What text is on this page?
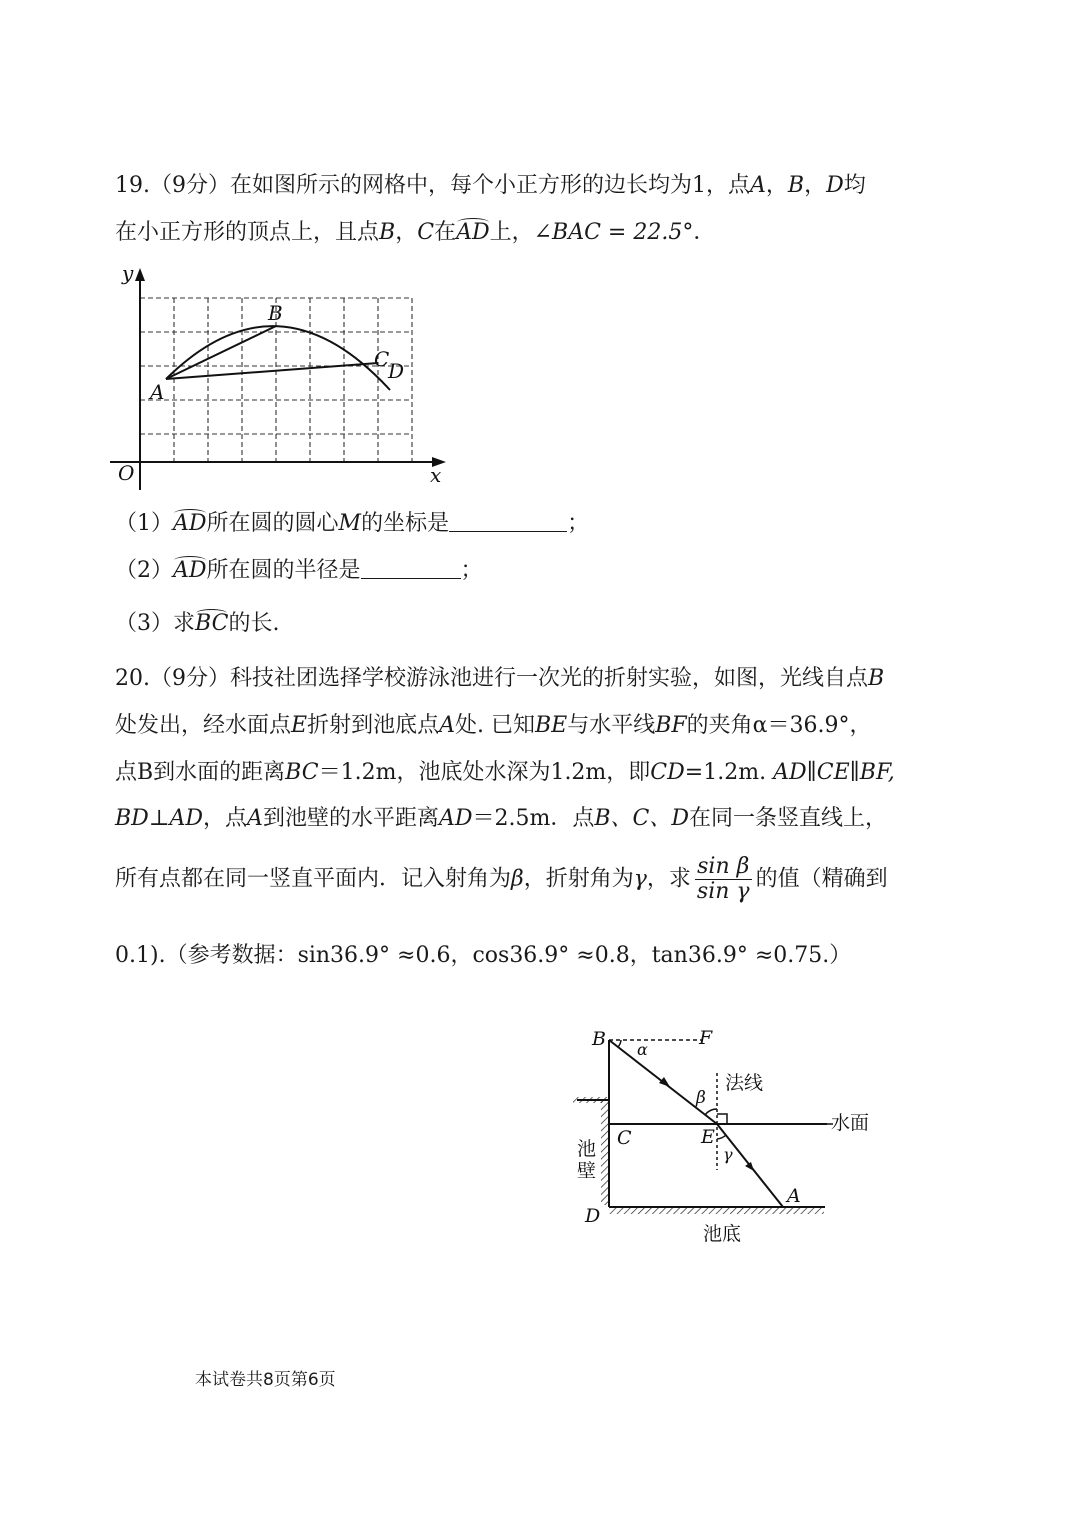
19.（9分）在如图所示的网格中，每个小正方形的边长均为1，点A，B，D均
在小正方形的顶点上，且点B，C在AD上，∠BAC = 22.5°．
y
x
O
A
B
C
D
（1）AD所在圆的圆心M的坐标是	；
（2）AD所在圆的半径是	；
（3）求BC的长.
20.（9分）科技社团选择学校游泳池进行一次光的折射实验，如图，光线自点B
处发出，经水面点E折射到池底点A处. 已知BE与水平线BF的夹角α＝36.9°，
点B到水面的距离BC＝1.2m，池底处水深为1.2m，即CD=1.2m. AD∥CE∥BF,
BD⊥AD，点A到池壁的水平距离AD＝2.5m．点B、C、D在同一条竖直线上，
所有点都在同一竖直平面内．记入射角为β，折射角为γ，求 $\frac{\text{sin β}}{\text{sin γ}}$ 的值（精确到
0.1).（参考数据：sin36.9° ≈0.6，cos36.9° ≈0.8，tan36.9° ≈0.75.）
B	F
α
β
法线
C	E
γ
水面
池
壁
D
A
池底
本试卷共8页第6页
